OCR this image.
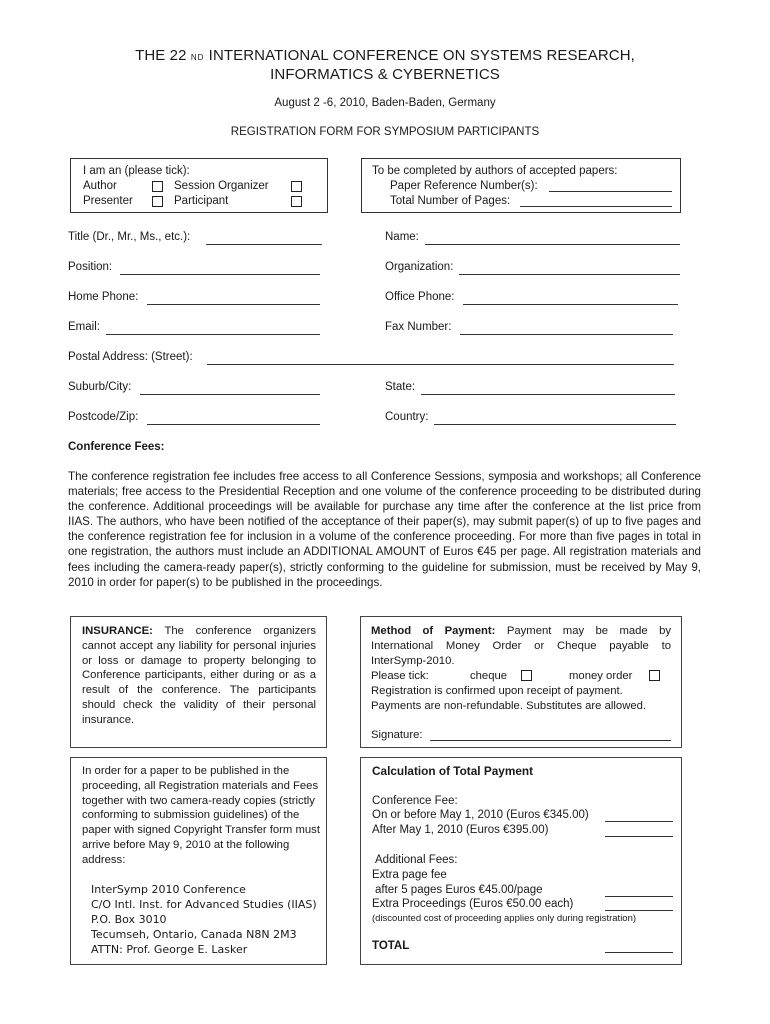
THE 22 ND INTERNATIONAL CONFERENCE ON SYSTEMS RESEARCH,
INFORMATICS & CYBERNETICS
August 2 -6, 2010, Baden-Baden, Germany
REGISTRATION FORM FOR SYMPOSIUM PARTICIPANTS
I am an (please tick):
Author	Session Organizer
Presenter	Participant
To be completed by authors of accepted papers:
Paper Reference Number(s):
Total Number of Pages:
Title (Dr., Mr., Ms., etc.):	Name:
Position:	Organization:
Home Phone:	Office Phone:
Email:	Fax Number:
Postal Address: (Street):
Suburb/City:	State:
Postcode/Zip:	Country:
Conference Fees:
The conference registration fee includes free access to all Conference Sessions, symposia and workshops; all Conference materials; free access to the Presidential Reception and one volume of the conference proceeding to be distributed during the conference. Additional proceedings will be available for purchase any time after the conference at the list price from IIAS. The authors, who have been notified of the acceptance of their paper(s), may submit paper(s) of up to five pages and the conference registration fee for inclusion in a volume of the conference proceeding. For more than five pages in total in one registration, the authors must include an ADDITIONAL AMOUNT of Euros €45 per page. All registration materials and fees including the camera-ready paper(s), strictly conforming to the guideline for submission, must be received by May 9, 2010 in order for paper(s) to be published in the proceedings.
INSURANCE: The conference organizers cannot accept any liability for personal injuries or loss or damage to property belonging to Conference participants, either during or as a result of the conference. The participants should check the validity of their personal insurance.
Method of Payment: Payment may be made by International Money Order or Cheque payable to InterSymp-2010.
Please tick:	cheque	money order
Registration is confirmed upon receipt of payment.
Payments are non-refundable. Substitutes are allowed.
Signature:
In order for a paper to be published in the proceeding, all Registration materials and Fees together with two camera-ready copies (strictly conforming to submission guidelines) of the paper with signed Copyright Transfer form must arrive before May 9, 2010 at the following address:
InterSymp 2010 Conference
C/O Intl. Inst. for Advanced Studies (IIAS)
P.O. Box 3010
Tecumseh, Ontario, Canada N8N 2M3
ATTN: Prof. George E. Lasker
Calculation of Total Payment
Conference Fee:
On or before May 1, 2010 (Euros €345.00)
After May 1, 2010 (Euros €395.00)
Additional Fees:
Extra page fee
after 5 pages Euros €45.00/page
Extra Proceedings (Euros €50.00 each)
(discounted cost of proceeding applies only during registration)
TOTAL
